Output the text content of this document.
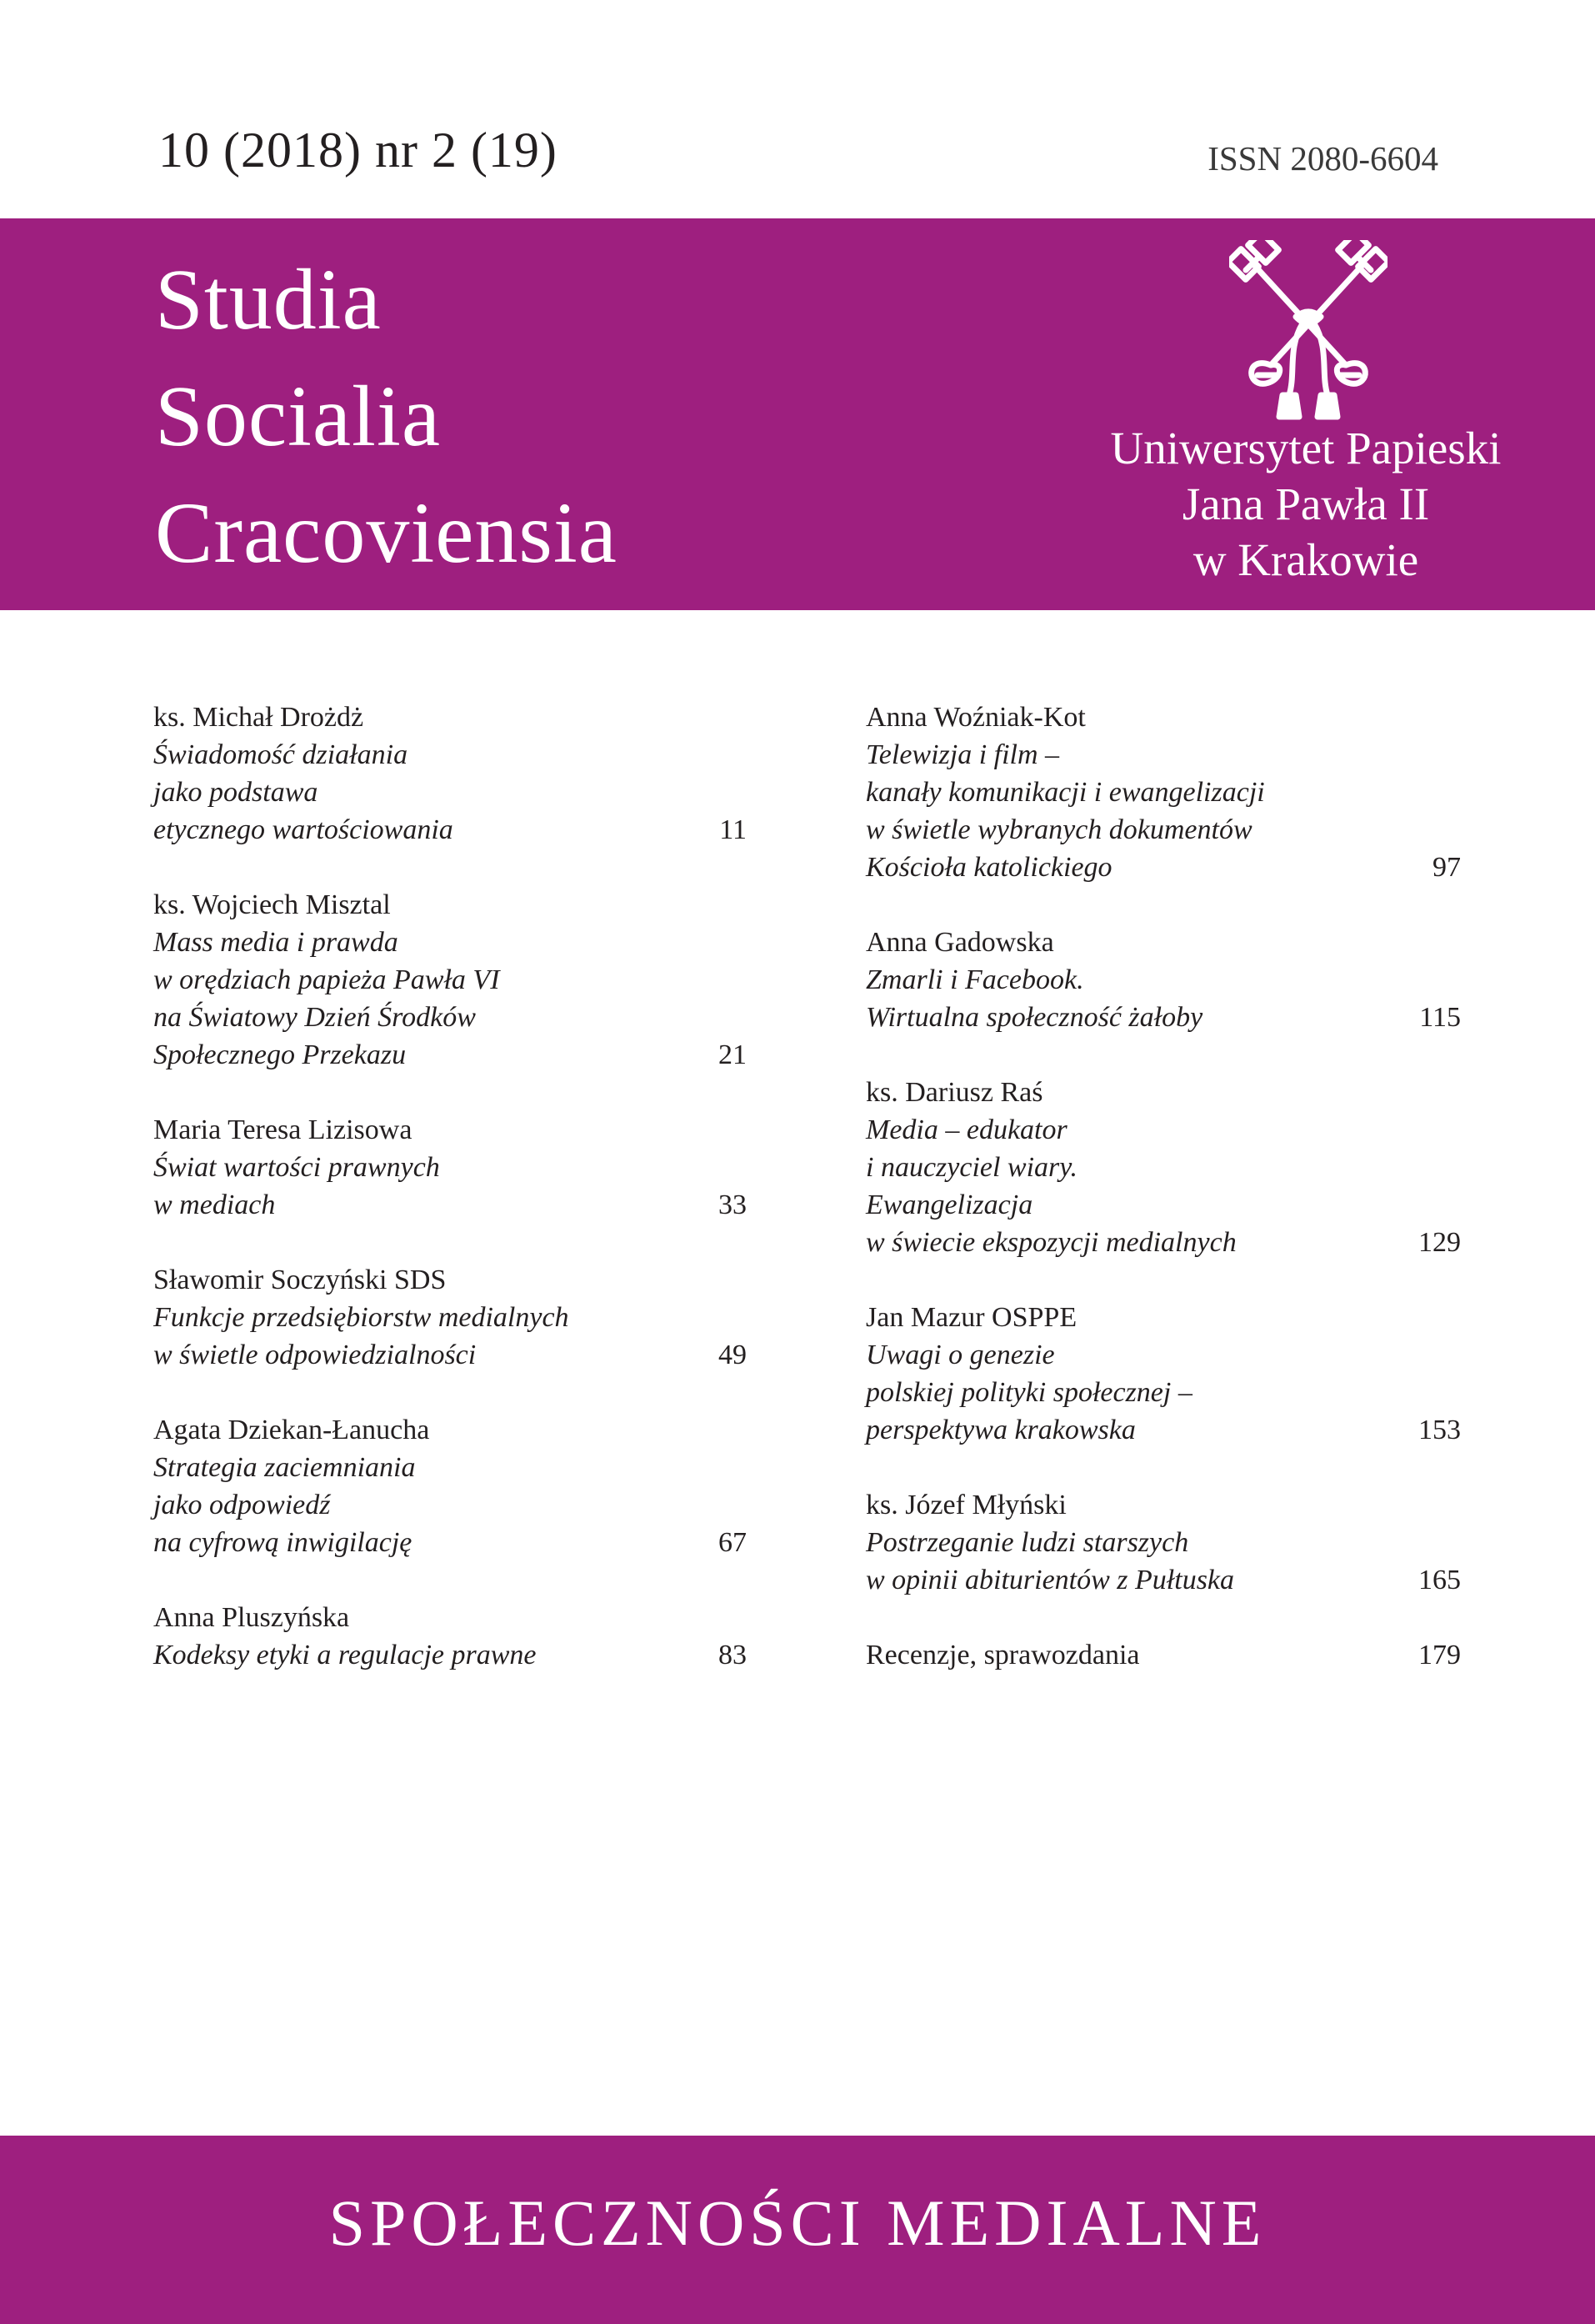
10 (2018) nr 2 (19)	ISSN 2080-6604
Studia
Socialia
Cracoviensia
Uniwersytet Papieski
Jana Pawła II
w Krakowie
ks. Michał Drożdż
Świadomość działania
jako podstawa
etycznego wartościowania	11
ks. Wojciech Misztal
Mass media i prawda
w orędziach papieża Pawła VI
na Światowy Dzień Środków
Społecznego Przekazu	21
Maria Teresa Lizisowa
Świat wartości prawnych
w mediach	33
Sławomir Soczyński SDS
Funkcje przedsiębiorstw medialnych
w świetle odpowiedzialności	49
Agata Dziekan-Łanucha
Strategia zaciemniania
jako odpowiedź
na cyfrową inwigilację	67
Anna Pluszyńska
Kodeksy etyki a regulacje prawne	83
Anna Woźniak-Kot
Telewizja i film –
kanały komunikacji i ewangelizacji
w świetle wybranych dokumentów
Kościoła katolickiego	97
Anna Gadowska
Zmarli i Facebook.
Wirtualna społeczność żałoby	115
ks. Dariusz Raś
Media – edukator
i nauczyciel wiary.
Ewangelizacja
w świecie ekspozycji medialnych	129
Jan Mazur OSPPE
Uwagi o genezie
polskiej polityki społecznej –
perspektywa krakowska	153
ks. Józef Młyński
Postrzeganie ludzi starszych
w opinii abiturientów z Pułtuska	165
Recenzje, sprawozdania	179
SPOŁECZNOŚCI MEDIALNE
